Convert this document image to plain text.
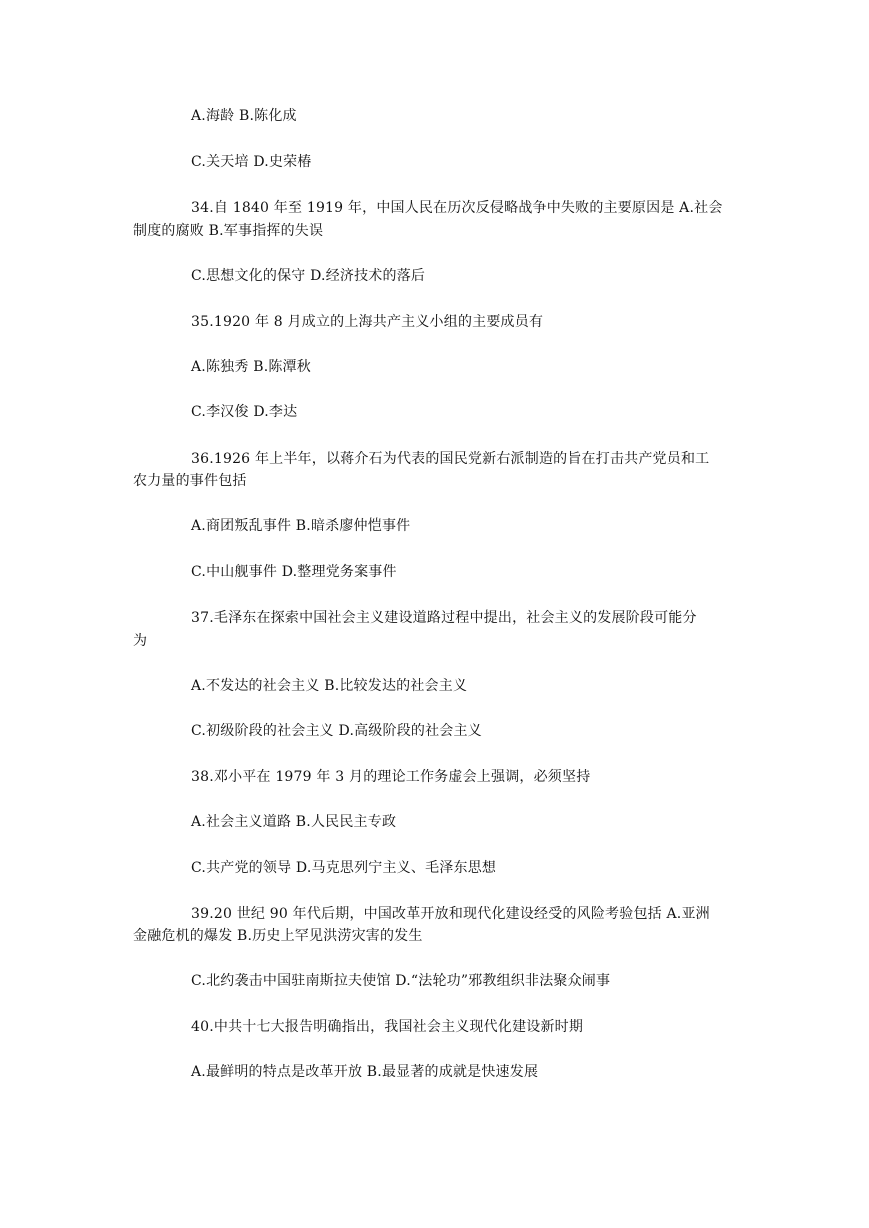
A.海龄 B.陈化成
C.关天培 D.史荣椿
34.自 1840 年至 1919 年，中国人民在历次反侵略战争中失败的主要原因是 A.社会
制度的腐败 B.军事指挥的失误
C.思想文化的保守 D.经济技术的落后
35.1920 年 8 月成立的上海共产主义小组的主要成员有
A.陈独秀 B.陈潭秋
C.李汉俊 D.李达
36.1926 年上半年，以蒋介石为代表的国民党新右派制造的旨在打击共产党员和工
农力量的事件包括
A.商团叛乱事件 B.暗杀廖仲恺事件
C.中山舰事件 D.整理党务案事件
37.毛泽东在探索中国社会主义建设道路过程中提出，社会主义的发展阶段可能分
为
A.不发达的社会主义 B.比较发达的社会主义
C.初级阶段的社会主义 D.高级阶段的社会主义
38.邓小平在 1979 年 3 月的理论工作务虚会上强调，必须坚持
A.社会主义道路 B.人民民主专政
C.共产党的领导 D.马克思列宁主义、毛泽东思想
39.20 世纪 90 年代后期，中国改革开放和现代化建设经受的风险考验包括 A.亚洲
金融危机的爆发 B.历史上罕见洪涝灾害的发生
C.北约袭击中国驻南斯拉夫使馆 D.“法轮功”邪教组织非法聚众闹事
40.中共十七大报告明确指出，我国社会主义现代化建设新时期
A.最鲜明的特点是改革开放 B.最显著的成就是快速发展
